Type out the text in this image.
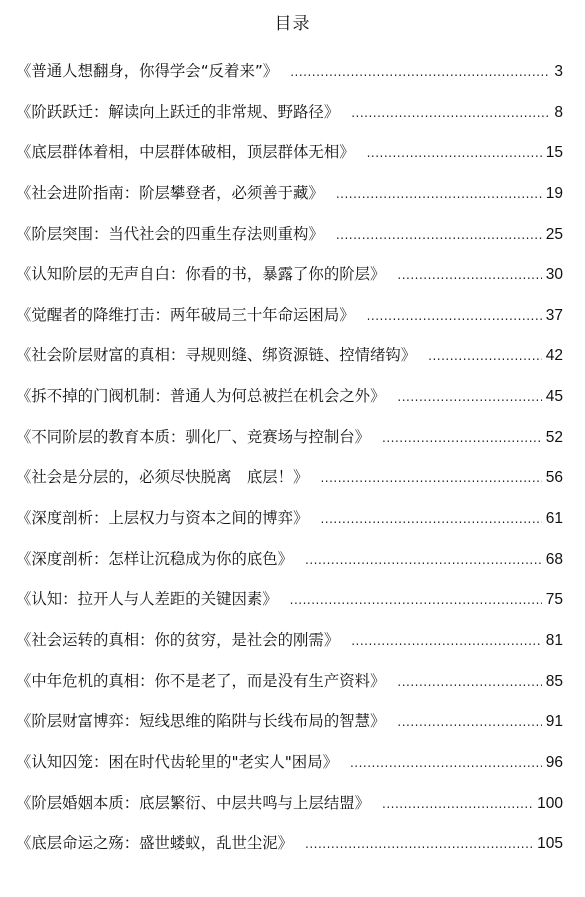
目录
《普通人想翻身，你得学会“反着来”》 .....	3
《阶跃跃迁：解读向上跃迁的非常规、野路径》 .....	8
《底层群体着相，中层群体破相，顶层群体无相》 .....	15
《社会进阶指南：阶层攀登者，必须善于藏》 .....	19
《阶层突围：当代社会的四重生存法则重构》 .....	25
《认知阶层的无声自白：你看的书，暴露了你的阶层》 .....	30
《觉醒者的降维打击：两年破局三十年命运困局》 .....	37
《社会阶层财富的真相：寻规则缝、绑资源链、控情绪钩》 .....	42
《拆不掉的门阀机制：普通人为何总被拦在机会之外》 .....	45
《不同阶层的教育本质：驯化厂、竞赛场与控制台》 .....	52
《社会是分层的，必须尽快脱离　底层！》 .....	56
《深度剖析：上层权力与资本之间的博弈》 .....	61
《深度剖析：怎样让沉稳成为你的底色》 .....	68
《认知：拉开人与人差距的关键因素》 .....	75
《社会运转的真相：你的贫穷，是社会的刚需》 .....	81
《中年危机的真相：你不是老了，而是没有生产资料》 .....	85
《阶层财富博弈：短线思维的陷阱与长线布局的智慧》 .....	91
《认知囚笼：困在时代齿轮里的"老实人"困局》 .....	96
《阶层婚姻本质：底层繁衍、中层共鸣与上层结盟》 .....	100
《底层命运之殇：盛世蝼蚁，乱世尘泥》 .....	105
